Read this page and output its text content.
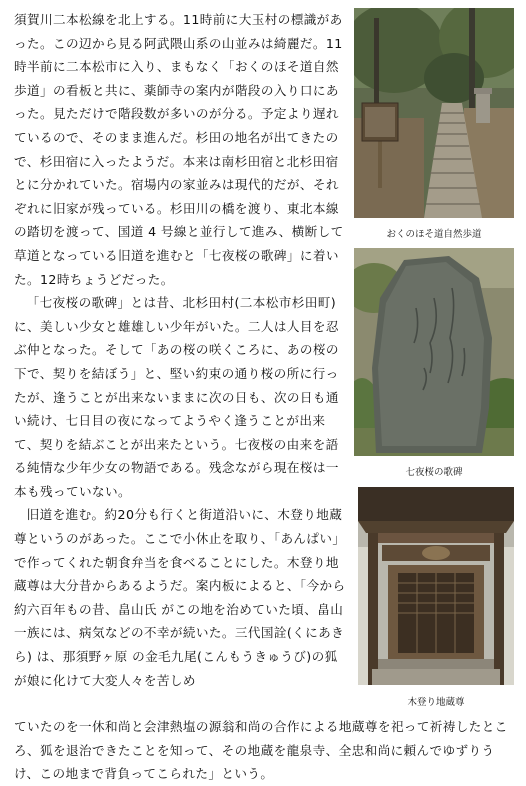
須賀川二本松線を北上する。11時前に大玉村の標識があった。この辺から見る阿武隈山系の山並みは綺麗だ。11時半前に二本松市に入り、まもなく「おくのほそ道自然歩道」の看板と共に、薬師寺の案内が階段の入り口にあった。見ただけで階段数が多いのが分る。予定より遅れているので、そのまま進んだ。杉田の地名が出てきたので、杉田宿に入ったようだ。本来は南杉田宿と北杉田宿とに分かれていた。宿場内の家並みは現代的だが、それぞれに旧家が残っている。杉田川の橋を渡り、東北本線の踏切を渡って、国道 4 号線と並行して進み、横断して草道となっている旧道を進むと「七夜桜の歌碑」に着いた。12時ちょうどだった。

「七夜桜の歌碑」とは昔、北杉田村(二本松市杉田町)に、美しい少女と雄雄しい少年がいた。二人は人目を忍ぶ仲となった。そして「あの桜の咲くころに、あの桜の下で、契りを結ぼう」と、堅い約束の通り桜の所に行ったが、逢うことが出来ないままに次の日も、次の日も通い続け、七日目の夜になってようやく逢うことが出来て、契りを結ぶことが出来たという。七夜桜の由来を語る純情な少年少女の物語である。残念ながら現在桜は一本も残っていない。

旧道を進む。約20分も行くと街道沿いに、木登り地蔵尊というのがあった。ここで小休止を取り、「あんぱい」で作ってくれた朝食弁当を食べることにした。木登り地蔵尊は大分昔からあるようだ。案内板によると、「今から約六百年もの昔、畠山氏 がこの地を治めていた頃、畠山一族には、病気などの不幸が続いた。三代国詮(くにあきら) は、那須野ヶ原 の金毛九尾(こんもうきゅうび)の狐が娘に化けて大変人々を苦しめ

ていたのを一休和尚と会津熱塩の源翁和尚の合作による地蔵尊を祀って祈祷したところ、狐を退治できたことを知って、その地蔵を龍泉寺、全忠和尚に頼んでゆずりうけ、この地まで背負ってこられた」という。

おくのほそ道自然歩道
七夜桜の歌碑
木登り地蔵尊
